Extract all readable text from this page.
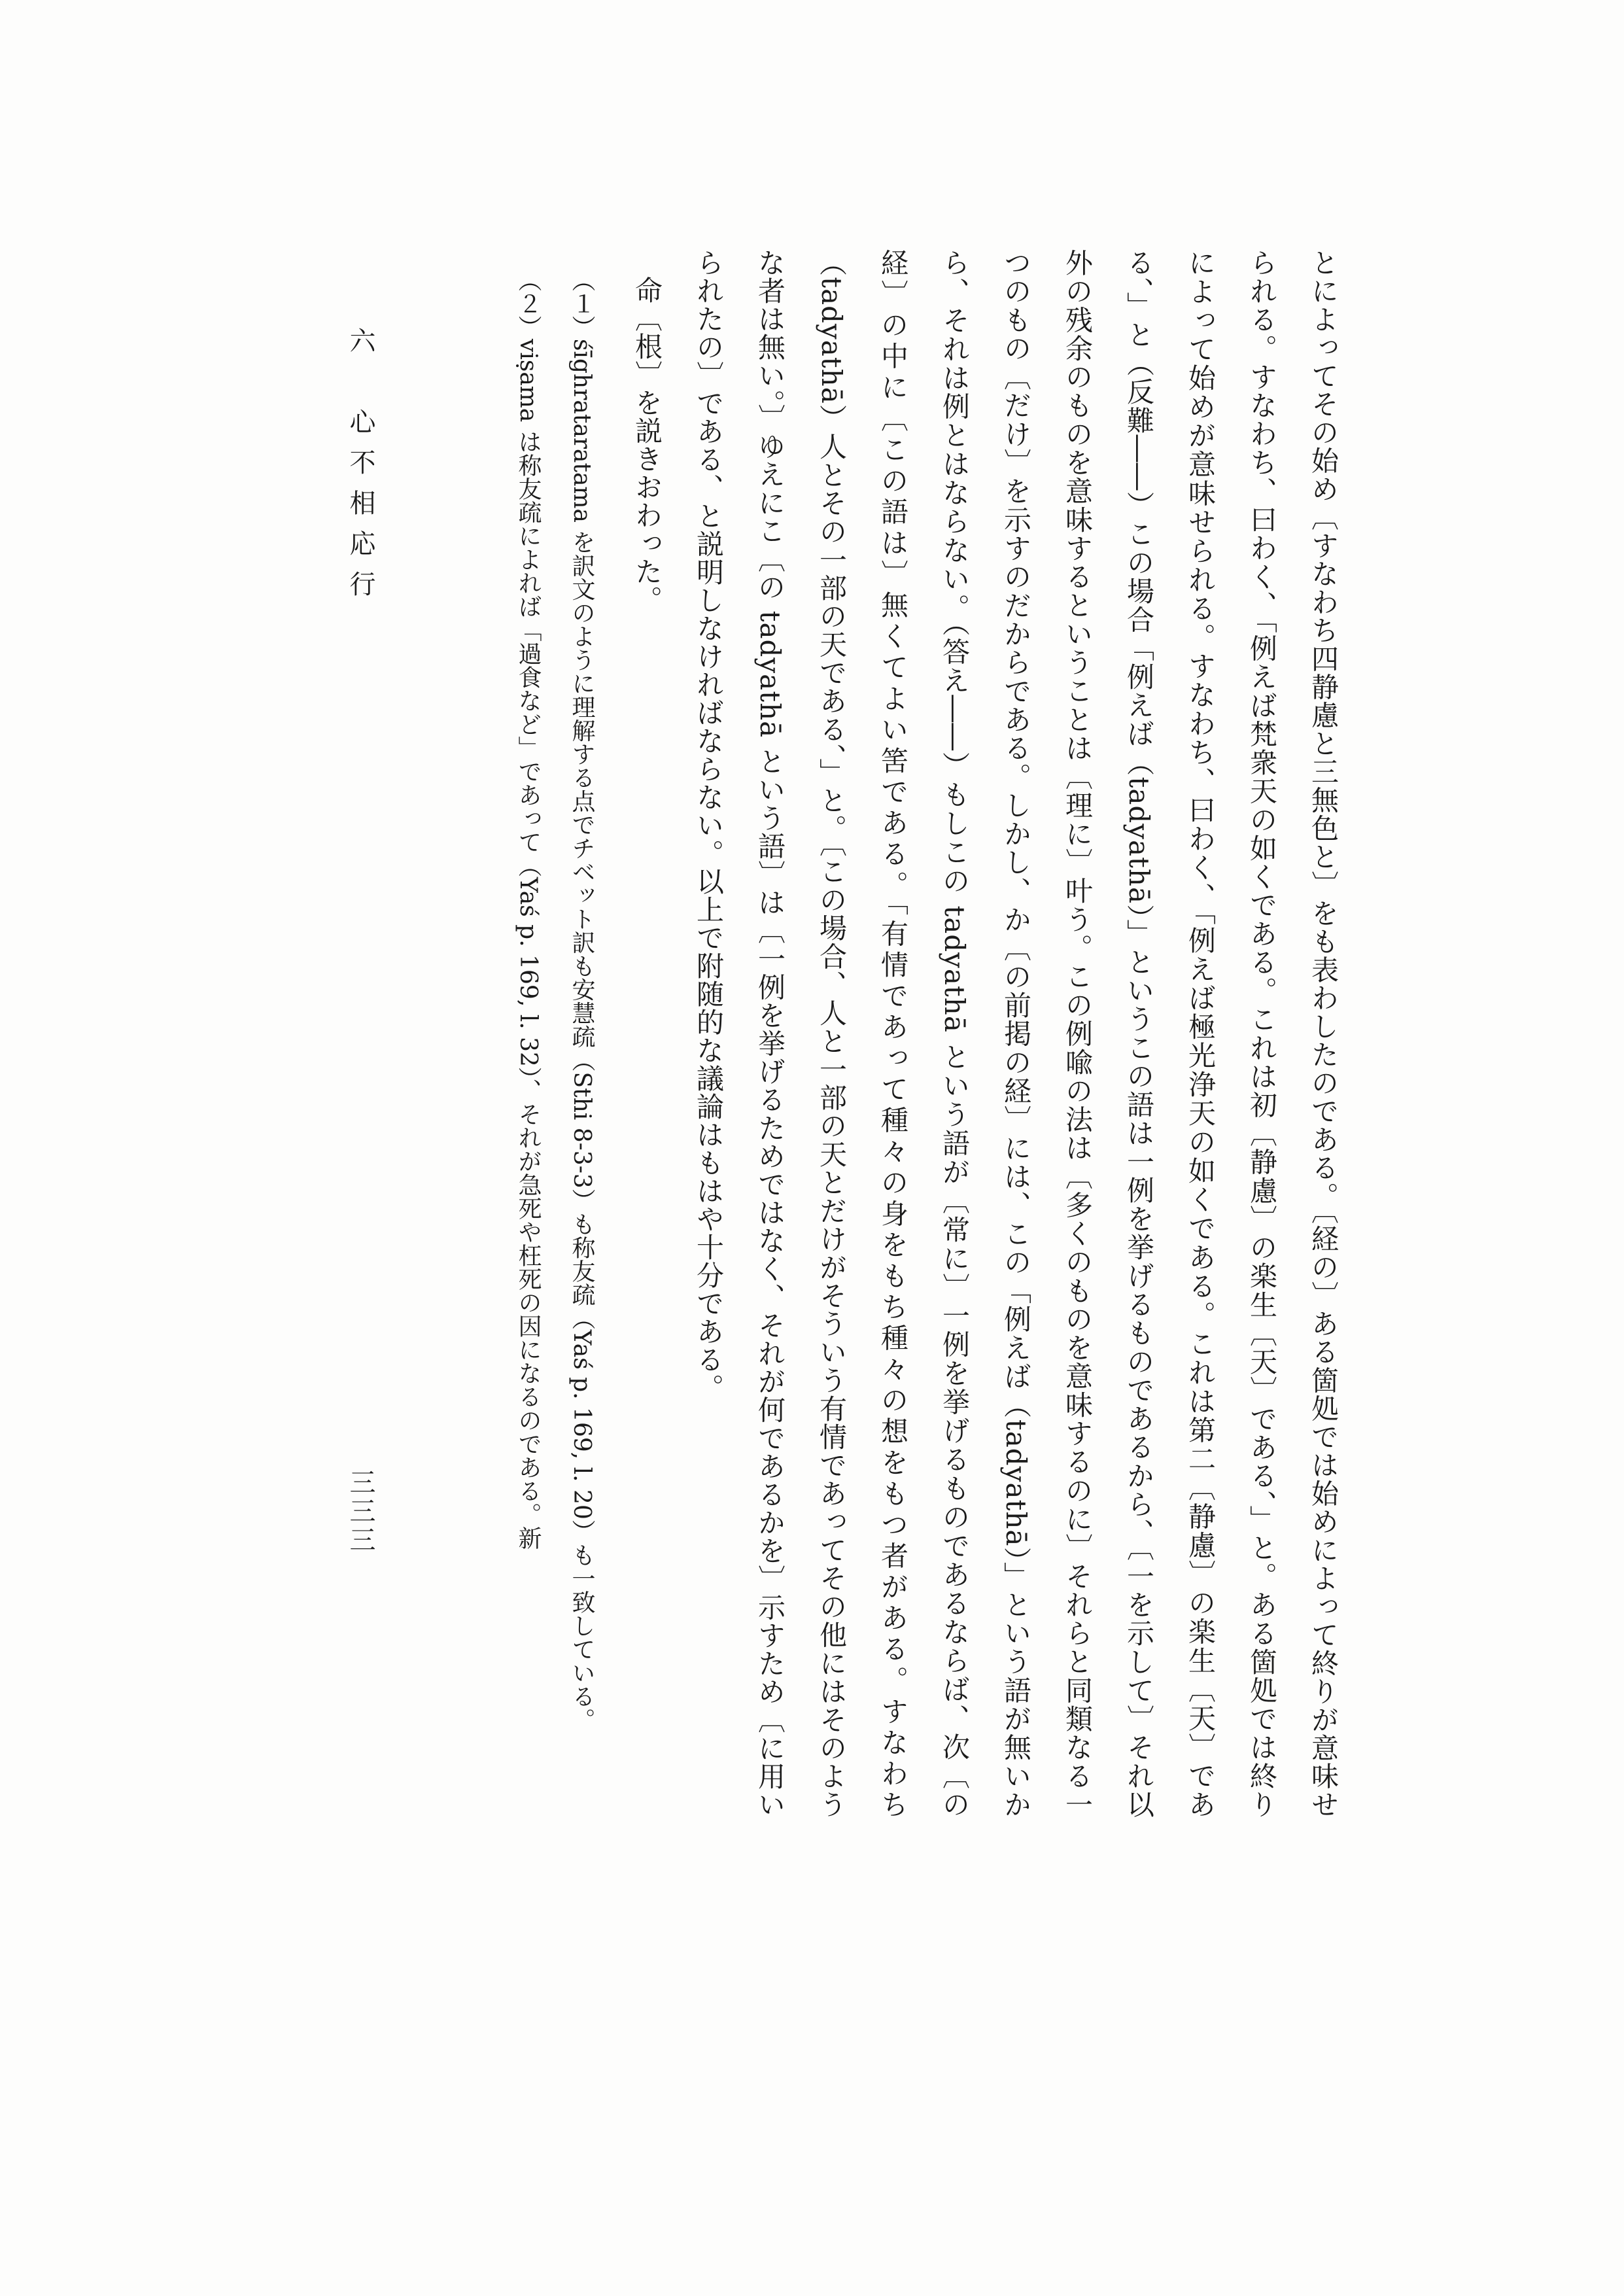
とによってその始め〔すなわち四静慮と三無色と〕をも表わしたのである。〔経の〕ある箇処では始めによって終りが意味せられる。すなわち、曰わく、「例えば梵衆天の如くである。これは初〔静慮〕の楽生〔天〕である、」と。ある箇処では終りによって始めが意味せられる。すなわち、曰わく、「例えば極光浄天の如くである。これは第二〔静慮〕の楽生〔天〕である、」と（反難――）この場合「例えば（tadyathā）」というこの語は一例を挙げるものであるから、〔一を示して〕それ以外の残余のものを意味するということは〔理に〕叶う。この例喩の法は〔多くのものを意味するのに〕それらと同類なる一つのもの〔だけ〕を示すのだからである。しかし、か〔の前掲の経〕には、この「例えば（tadyathā）」という語が無いから、それは例とはならない。（答え――）もしこの tadyathā という語が〔常に〕一例を挙げるものであるならば、次〔の経〕の中に〔この語は〕無くてよい筈である。「有情であって種々の身をもち種々の想をもつ者がある。すなわち（tadyathā）人とその一部の天である、」と。〔この場合、人と一部の天とだけがそういう有情であってその他にはそのような者は無い。〕ゆえにこ〔の tadyathā という語〕は〔一例を挙げるためではなく、それが何であるかを〕示すため〔に用いられたの〕である、と説明しなければならない。以上で附随的な議論はもはや十分である。

命〔根〕を説きおわった。

（１）śīghrataratama を訳文のように理解する点でチベット訳も安慧疏（Sthi 8-3-3）も称友疏（Yaś p. 169, l. 20）も一致している。

（２）viṣama は称友疏によれば「過食など」であって（Yaś p. 169, l. 32）、それが急死や枉死の因になるのである。新

六　心不相応行
三三三
